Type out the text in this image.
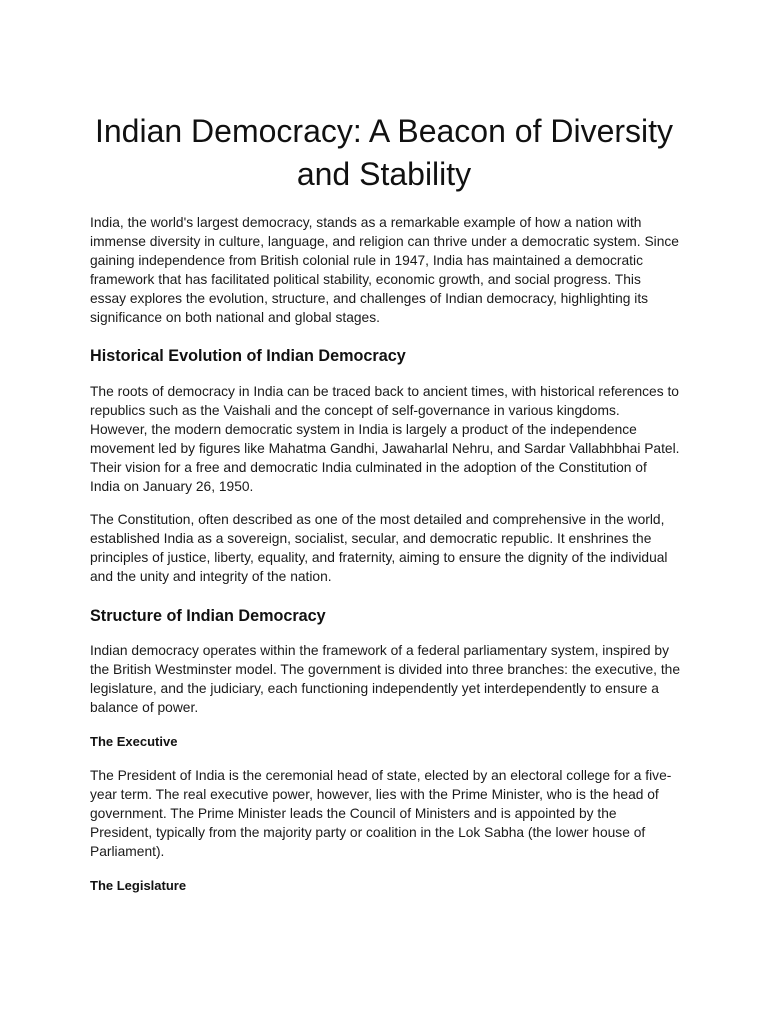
Indian Democracy: A Beacon of Diversity and Stability

India, the world's largest democracy, stands as a remarkable example of how a nation with immense diversity in culture, language, and religion can thrive under a democratic system. Since gaining independence from British colonial rule in 1947, India has maintained a democratic framework that has facilitated political stability, economic growth, and social progress. This essay explores the evolution, structure, and challenges of Indian democracy, highlighting its significance on both national and global stages.

Historical Evolution of Indian Democracy

The roots of democracy in India can be traced back to ancient times, with historical references to republics such as the Vaishali and the concept of self-governance in various kingdoms. However, the modern democratic system in India is largely a product of the independence movement led by figures like Mahatma Gandhi, Jawaharlal Nehru, and Sardar Vallabhbhai Patel. Their vision for a free and democratic India culminated in the adoption of the Constitution of India on January 26, 1950.

The Constitution, often described as one of the most detailed and comprehensive in the world, established India as a sovereign, socialist, secular, and democratic republic. It enshrines the principles of justice, liberty, equality, and fraternity, aiming to ensure the dignity of the individual and the unity and integrity of the nation.

Structure of Indian Democracy

Indian democracy operates within the framework of a federal parliamentary system, inspired by the British Westminster model. The government is divided into three branches: the executive, the legislature, and the judiciary, each functioning independently yet interdependently to ensure a balance of power.

The Executive

The President of India is the ceremonial head of state, elected by an electoral college for a five-year term. The real executive power, however, lies with the Prime Minister, who is the head of government. The Prime Minister leads the Council of Ministers and is appointed by the President, typically from the majority party or coalition in the Lok Sabha (the lower house of Parliament).

The Legislature
